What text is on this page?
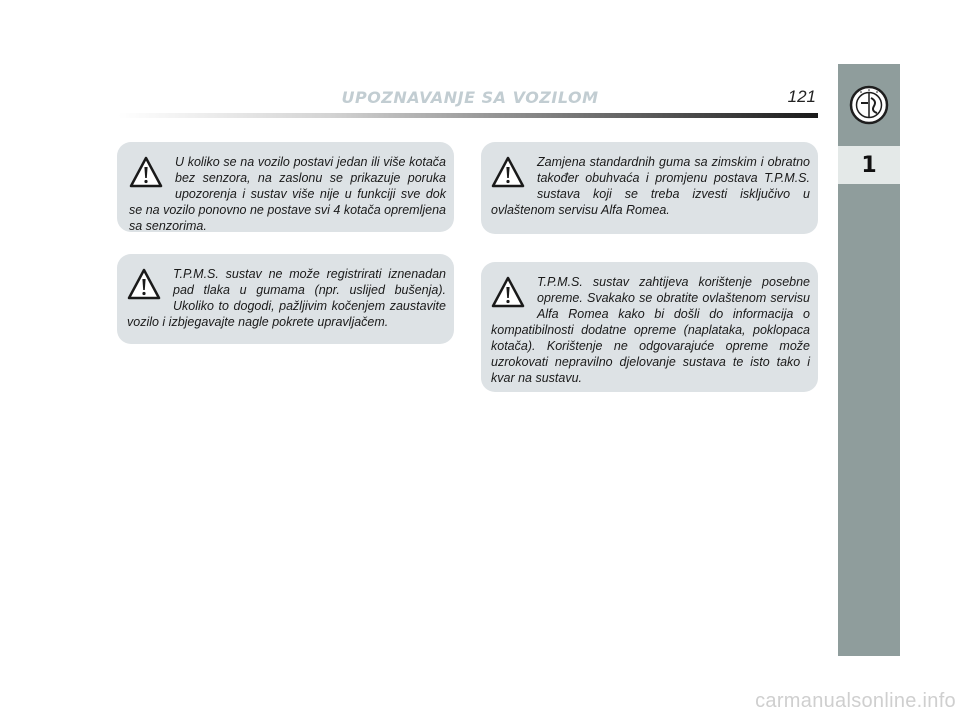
UPOZNAVANJE SA VOZILOM	121
1
U koliko se na vozilo postavi jedan ili više kotača bez senzora, na zaslonu se prikazuje poruka upozorenja i sustav više nije u funkciji sve dok se na vozilo ponovno ne postave svi 4 kotača opremljena sa senzorima.
T.P.M.S. sustav ne može registrirati iznenadan pad tlaka u gumama (npr. uslijed bušenja). Ukoliko to dogodi, pažljivim kočenjem zaustavite vozilo i izbjegavajte nagle pokrete upravljačem.
Zamjena standardnih guma sa zimskim i obratno također obuhvaća i promjenu postava T.P.M.S. sustava koji se treba izvesti isključivo u ovlaštenom servisu Alfa Romea.
T.P.M.S. sustav zahtijeva korištenje posebne opreme. Svakako se obratite ovlaštenom servisu Alfa Romea kako bi došli do informacija o kompatibilnosti dodatne opreme (naplataka, poklopaca kotača). Korištenje ne odgovarajuće opreme može uzrokovati nepravilno djelovanje sustava te isto tako i kvar na sustavu.
carmanualsonline.info
